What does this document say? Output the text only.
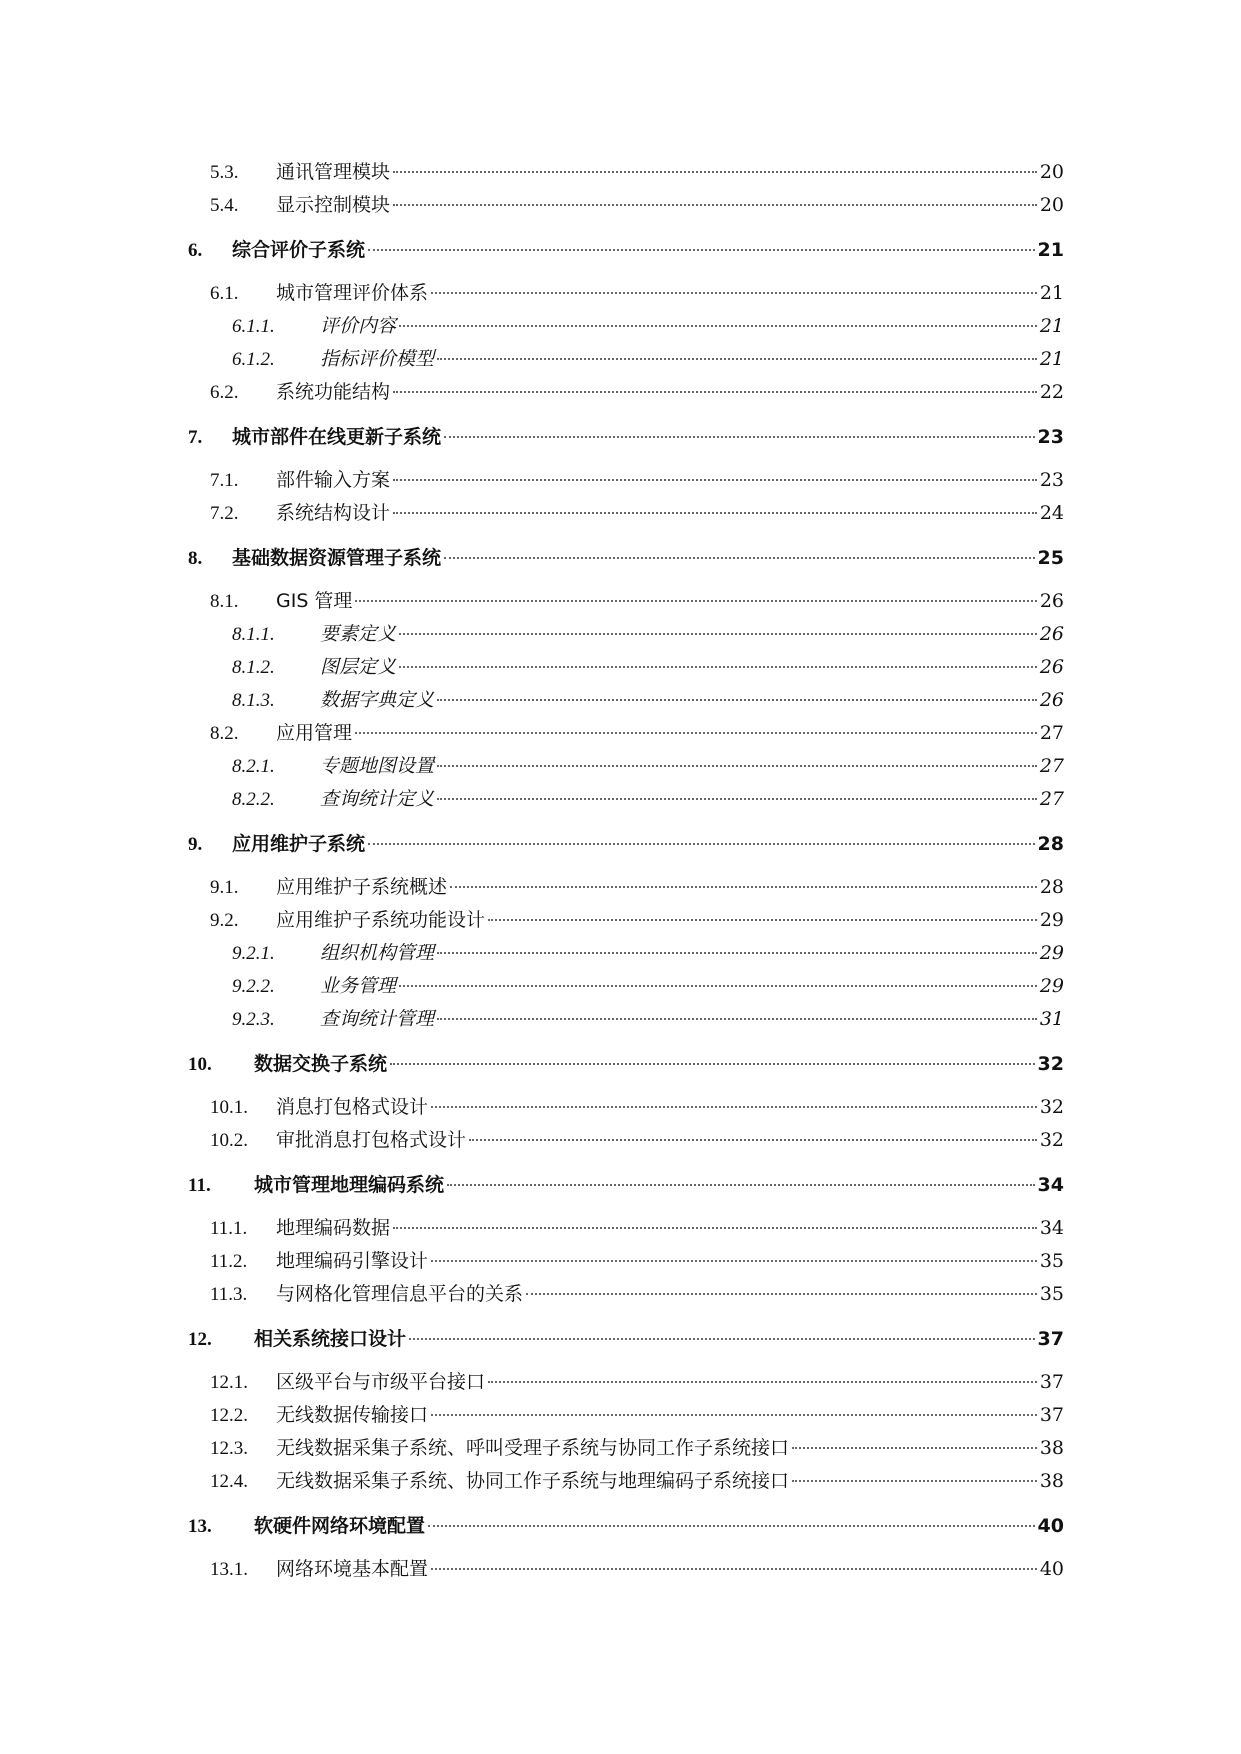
5.3.	通讯管理模块	20
5.4.	显示控制模块	20
6.	综合评价子系统	21
6.1.	城市管理评价体系	21
6.1.1.	评价内容	21
6.1.2.	指标评价模型	21
6.2.	系统功能结构	22
7.	城市部件在线更新子系统	23
7.1.	部件输入方案	23
7.2.	系统结构设计	24
8.	基础数据资源管理子系统	25
8.1.	GIS 管理	26
8.1.1.	要素定义	26
8.1.2.	图层定义	26
8.1.3.	数据字典定义	26
8.2.	应用管理	27
8.2.1.	专题地图设置	27
8.2.2.	查询统计定义	27
9.	应用维护子系统	28
9.1.	应用维护子系统概述	28
9.2.	应用维护子系统功能设计	29
9.2.1.	组织机构管理	29
9.2.2.	业务管理	29
9.2.3.	查询统计管理	31
10.	数据交换子系统	32
10.1.	消息打包格式设计	32
10.2.	审批消息打包格式设计	32
11.	城市管理地理编码系统	34
11.1.	地理编码数据	34
11.2.	地理编码引擎设计	35
11.3.	与网格化管理信息平台的关系	35
12.	相关系统接口设计	37
12.1.	区级平台与市级平台接口	37
12.2.	无线数据传输接口	37
12.3.	无线数据采集子系统、呼叫受理子系统与协同工作子系统接口	38
12.4.	无线数据采集子系统、协同工作子系统与地理编码子系统接口	38
13.	软硬件网络环境配置	40
13.1.	网络环境基本配置	40
